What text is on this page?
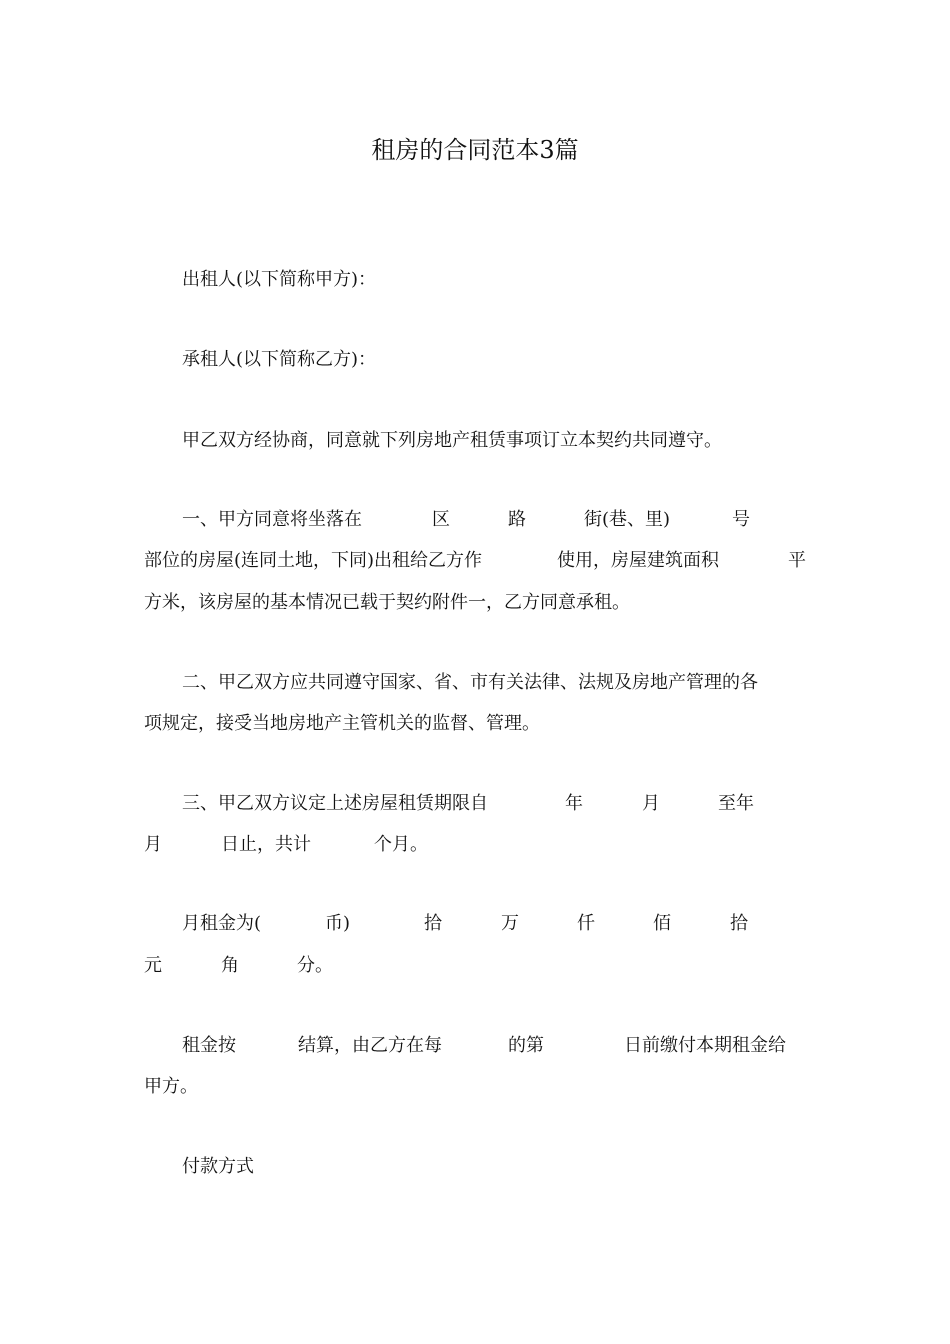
租房的合同范本3篇
出租人(以下简称甲方)：
承租人(以下简称乙方)：
甲乙双方经协商，同意就下列房地产租赁事项订立本契约共同遵守。
一、甲方同意将坐落在	区	路	街(巷、里)	号
部位的房屋(连同土地，下同)出租给乙方作	使用，房屋建筑面积	平
方米，该房屋的基本情况已载于契约附件一，乙方同意承租。
二、甲乙双方应共同遵守国家、省、市有关法律、法规及房地产管理的各
项规定，接受当地房地产主管机关的监督、管理。
三、甲乙双方议定上述房屋租赁期限自	年	月	至年
月	日止，共计	个月。
月租金为(	币)	拾	万	仟	佰	拾
元	角	分。
租金按	结算，由乙方在每	的第	日前缴付本期租金给
甲方。
付款方式
